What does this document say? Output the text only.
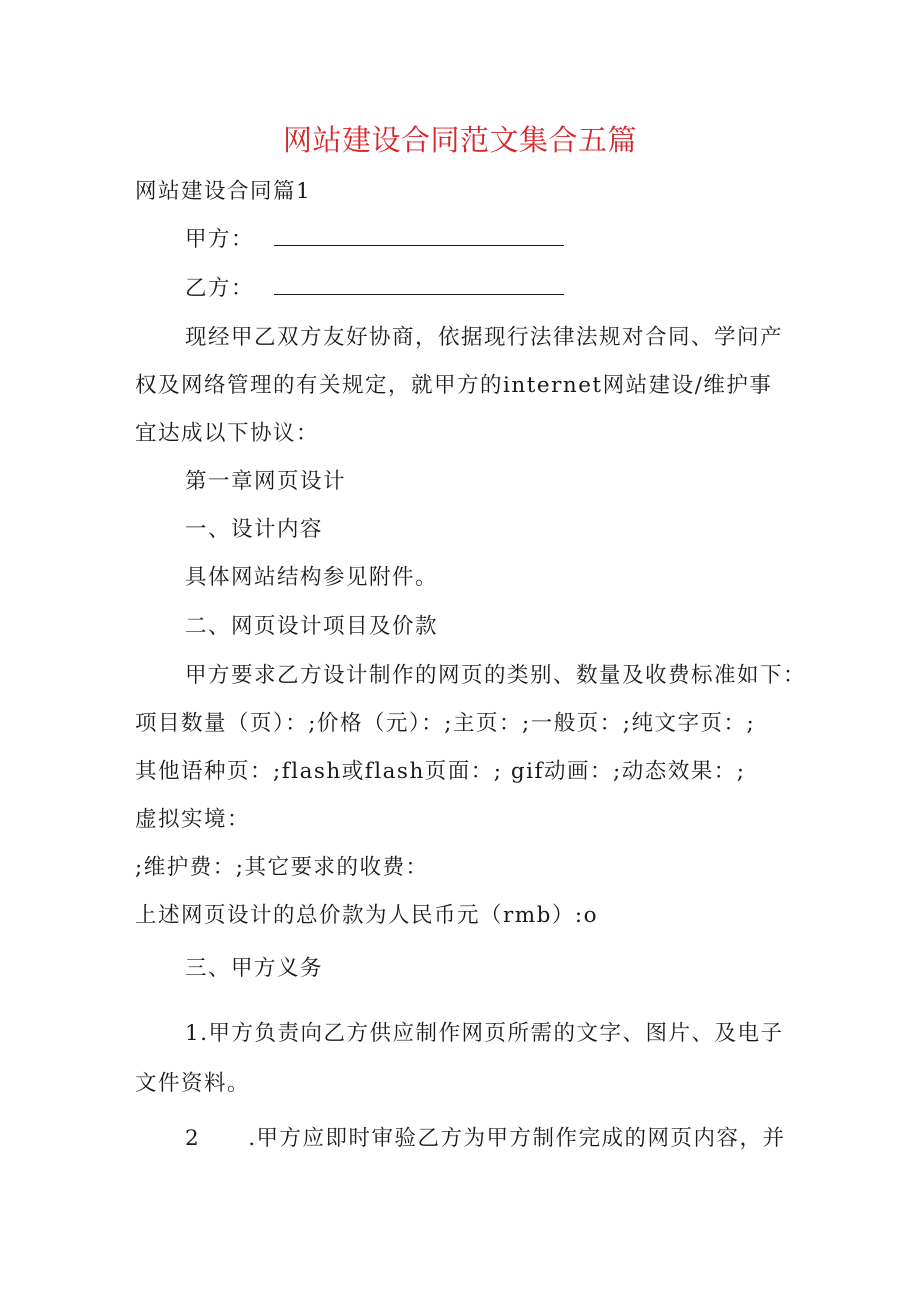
网站建设合同范文集合五篇
网站建设合同篇1
甲方：
乙方：
现经甲乙双方友好协商，依据现行法律法规对合同、学问产
权及网络管理的有关规定，就甲方的internet网站建设/维护事
宜达成以下协议：
第一章网页设计
一、设计内容
具体网站结构参见附件。
二、网页设计项目及价款
甲方要求乙方设计制作的网页的类别、数量及收费标准如下：
项目数量（页）：;价格（元）：;主页：;一般页：;纯文字页：;
其他语种页：;flash或flash页面：; gif动画：;动态效果：;
虚拟实境：
;维护费：;其它要求的收费：
上述网页设计的总价款为人民币元（rmb）:o
三、甲方义务
1.甲方负责向乙方供应制作网页所需的文字、图片、及电子
文件资料。
2 .甲方应即时审验乙方为甲方制作完成的网页内容，并
